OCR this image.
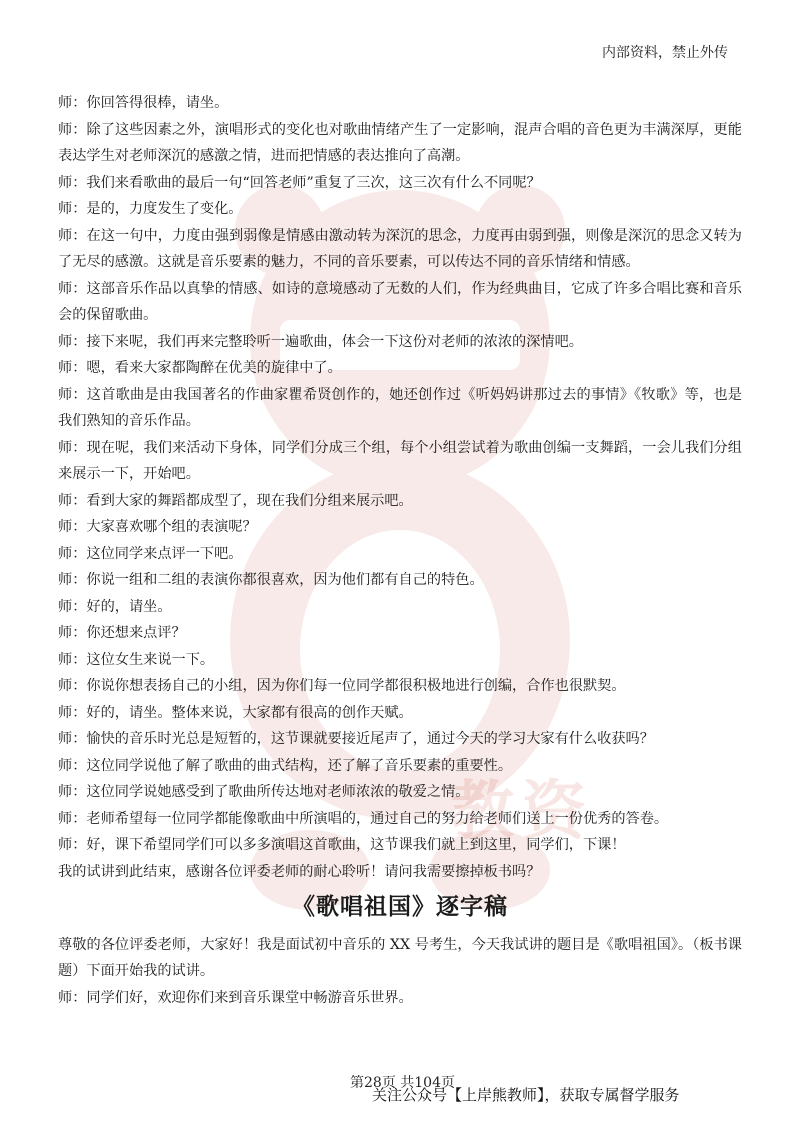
教资
内部资料，禁止外传

师：你回答得很棒，请坐。

师：除了这些因素之外，演唱形式的变化也对歌曲情绪产生了一定影响，混声合唱的音色更为丰满深厚，更能表达学生对老师深沉的感激之情，进而把情感的表达推向了高潮。

师：我们来看歌曲的最后一句“回答老师”重复了三次，这三次有什么不同呢？

师：是的，力度发生了变化。

师：在这一句中，力度由强到弱像是情感由激动转为深沉的思念，力度再由弱到强，则像是深沉的思念又转为了无尽的感激。这就是音乐要素的魅力，不同的音乐要素，可以传达不同的音乐情绪和情感。

师：这部音乐作品以真挚的情感、如诗的意境感动了无数的人们，作为经典曲目，它成了许多合唱比赛和音乐会的保留歌曲。

师：接下来呢，我们再来完整聆听一遍歌曲，体会一下这份对老师的浓浓的深情吧。

师：嗯，看来大家都陶醉在优美的旋律中了。

师：这首歌曲是由我国著名的作曲家瞿希贤创作的，她还创作过《听妈妈讲那过去的事情》《牧歌》等，也是我们熟知的音乐作品。

师：现在呢，我们来活动下身体，同学们分成三个组，每个小组尝试着为歌曲创编一支舞蹈，一会儿我们分组来展示一下，开始吧。

师：看到大家的舞蹈都成型了，现在我们分组来展示吧。

师：大家喜欢哪个组的表演呢？

师：这位同学来点评一下吧。

师：你说一组和二组的表演你都很喜欢，因为他们都有自己的特色。

师：好的，请坐。

师：你还想来点评？

师：这位女生来说一下。

师：你说你想表扬自己的小组，因为你们每一位同学都很积极地进行创编，合作也很默契。

师：好的，请坐。整体来说，大家都有很高的创作天赋。

师：愉快的音乐时光总是短暂的，这节课就要接近尾声了，通过今天的学习大家有什么收获吗？

师：这位同学说他了解了歌曲的曲式结构，还了解了音乐要素的重要性。

师：这位同学说她感受到了歌曲所传达地对老师浓浓的敬爱之情。

师：老师希望每一位同学都能像歌曲中所演唱的，通过自己的努力给老师们送上一份优秀的答卷。

师：好，课下希望同学们可以多多演唱这首歌曲，这节课我们就上到这里，同学们，下课！

我的试讲到此结束，感谢各位评委老师的耐心聆听！请问我需要擦掉板书吗？

《歌唱祖国》逐字稿

尊敬的各位评委老师，大家好！我是面试初中音乐的 XX 号考生，今天我试讲的题目是《歌唱祖国》。（板书课题）下面开始我的试讲。

师：同学们好，欢迎你们来到音乐课堂中畅游音乐世界。

第28页 共104页
关注公众号【上岸熊教师】，获取专属督学服务
